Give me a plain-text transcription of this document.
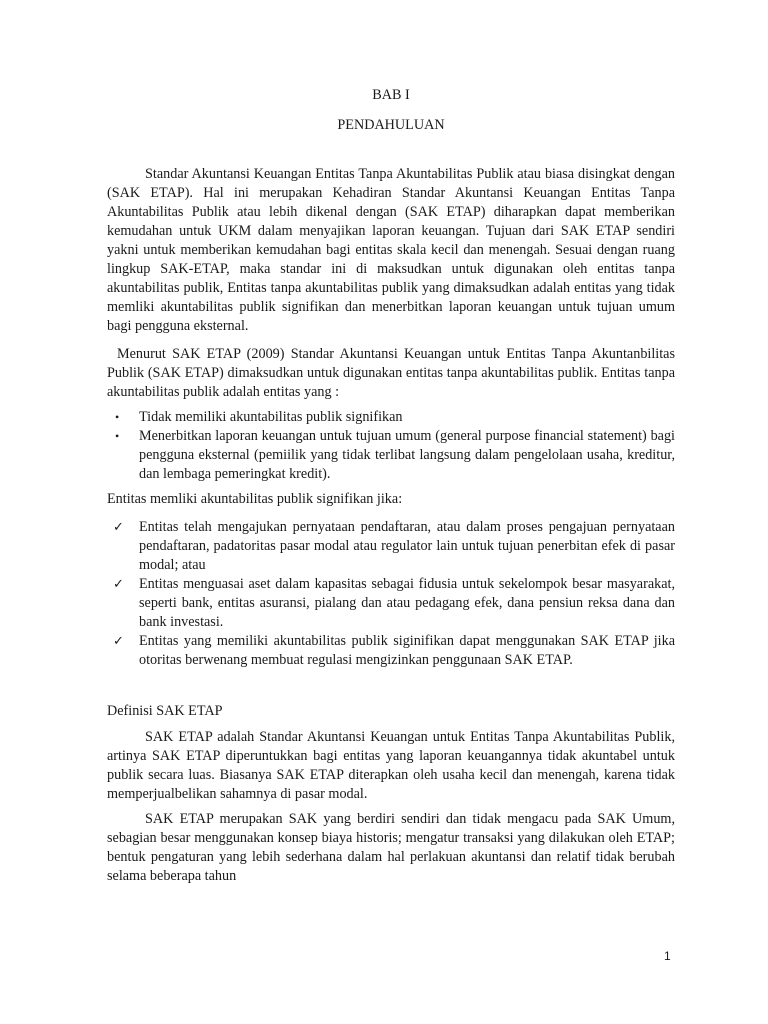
BAB I
PENDAHULUAN

Standar Akuntansi Keuangan Entitas Tanpa Akuntabilitas Publik atau biasa disingkat dengan (SAK ETAP). Hal ini merupakan Kehadiran Standar Akuntansi Keuangan Entitas Tanpa Akuntabilitas Publik atau lebih dikenal dengan (SAK ETAP) diharapkan dapat memberikan kemudahan untuk UKM dalam menyajikan laporan keuangan. Tujuan dari SAK ETAP sendiri yakni untuk memberikan kemudahan bagi entitas skala kecil dan menengah. Sesuai dengan ruang lingkup SAK-ETAP, maka standar ini di maksudkan untuk digunakan oleh entitas tanpa akuntabilitas publik, Entitas tanpa akuntabilitas publik yang dimaksudkan adalah entitas yang tidak memliki akuntabilitas publik signifikan dan menerbitkan laporan keuangan untuk tujuan umum bagi pengguna eksternal.

Menurut SAK ETAP (2009) Standar Akuntansi Keuangan untuk Entitas Tanpa Akuntanbilitas Publik (SAK ETAP) dimaksudkan untuk digunakan entitas tanpa akuntabilitas publik. Entitas tanpa akuntabilitas publik adalah entitas yang :

• Tidak memiliki akuntabilitas publik signifikan
• Menerbitkan laporan keuangan untuk tujuan umum (general purpose financial statement) bagi pengguna eksternal (pemiilik yang tidak terlibat langsung dalam pengelolaan usaha, kreditur, dan lembaga pemeringkat kredit).

Entitas memliki akuntabilitas publik signifikan jika:

✓ Entitas telah mengajukan pernyataan pendaftaran, atau dalam proses pengajuan pernyataan pendaftaran, padatoritas pasar modal atau regulator lain untuk tujuan penerbitan efek di pasar modal; atau
✓ Entitas menguasai aset dalam kapasitas sebagai fidusia untuk sekelompok besar masyarakat, seperti bank, entitas asuransi, pialang dan atau pedagang efek, dana pensiun reksa dana dan bank investasi.
✓ Entitas yang memiliki akuntabilitas publik siginifikan dapat menggunakan SAK ETAP jika otoritas berwenang membuat regulasi mengizinkan penggunaan SAK ETAP.
Definisi SAK ETAP

SAK ETAP adalah Standar Akuntansi Keuangan untuk Entitas Tanpa Akuntabilitas Publik, artinya SAK ETAP diperuntukkan bagi entitas yang laporan keuangannya tidak akuntabel untuk publik secara luas. Biasanya SAK ETAP diterapkan oleh usaha kecil dan menengah, karena tidak memperjualbelikan sahamnya di pasar modal.

SAK ETAP merupakan SAK yang berdiri sendiri dan tidak mengacu pada SAK Umum, sebagian besar menggunakan konsep biaya historis; mengatur transaksi yang dilakukan oleh ETAP; bentuk pengaturan yang lebih sederhana dalam hal perlakuan akuntansi dan relatif tidak berubah selama beberapa tahun

1
